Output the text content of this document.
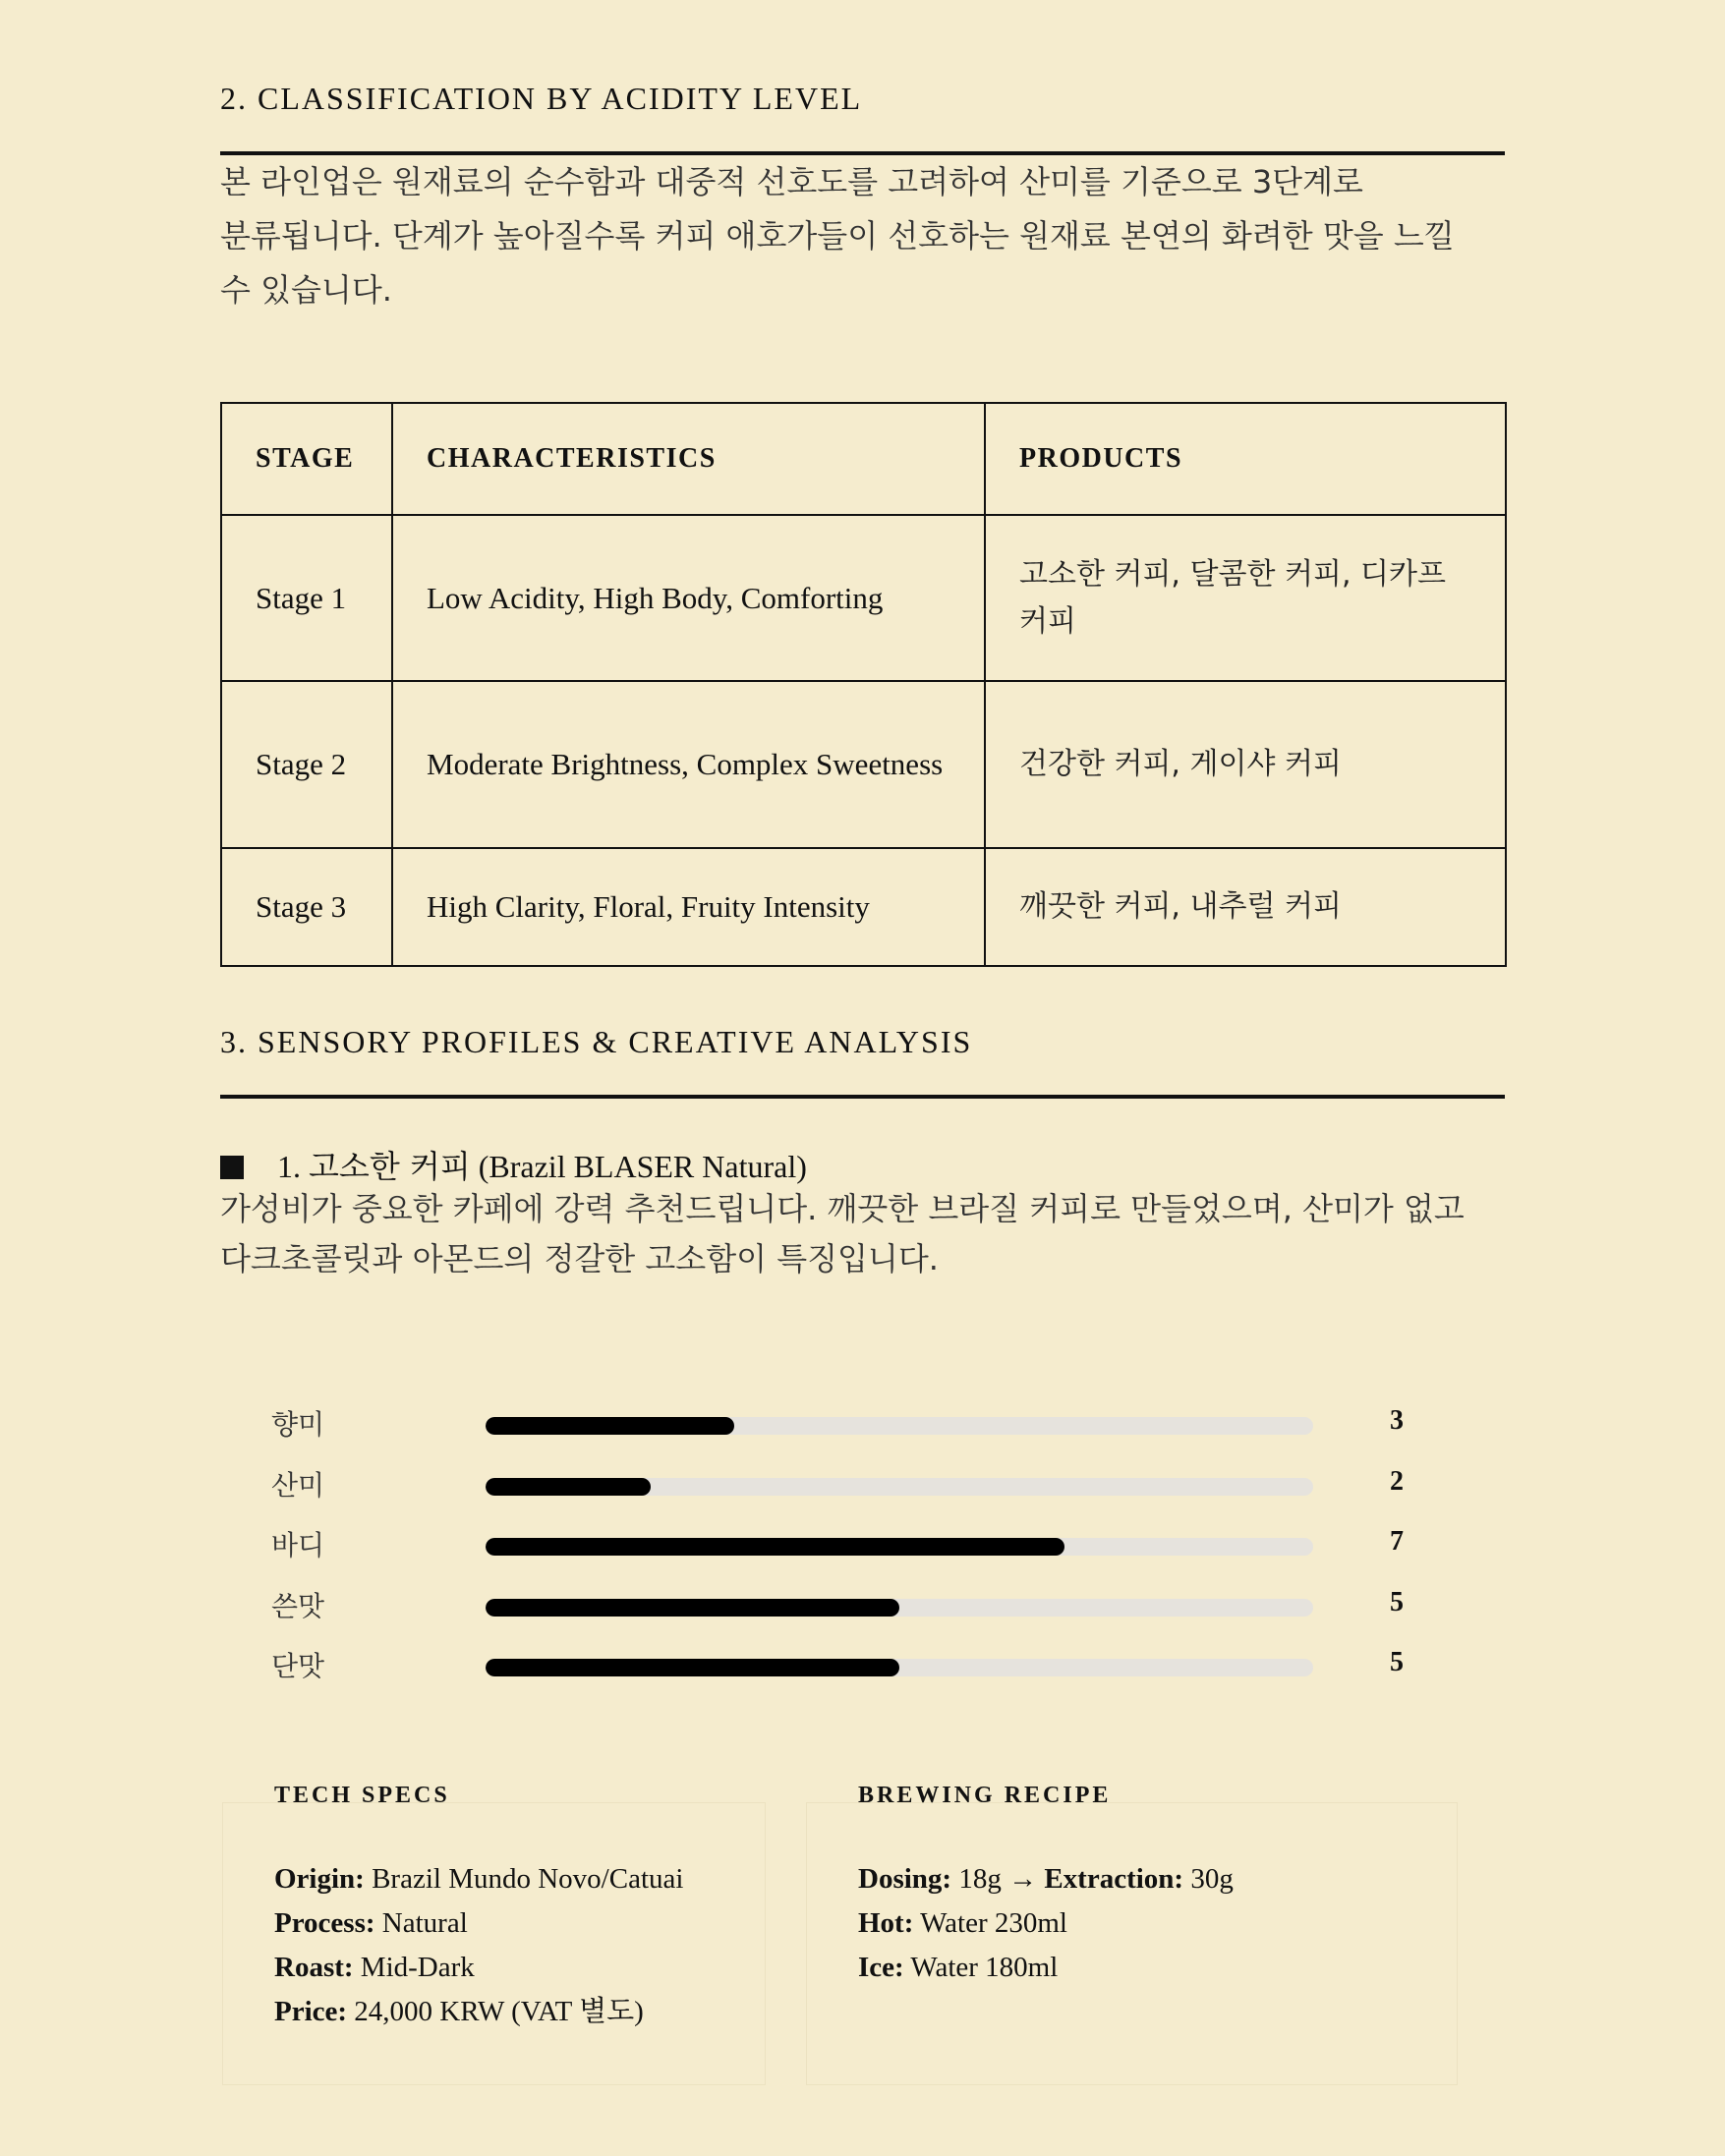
2. CLASSIFICATION BY ACIDITY LEVEL

본 라인업은 원재료의 순수함과 대중적 선호도를 고려하여 산미를 기준으로 3단계로
분류됩니다. 단계가 높아질수록 커피 애호가들이 선호하는 원재료 본연의 화려한 맛을 느낄
수 있습니다.

STAGE	CHARACTERISTICS	PRODUCTS
Stage 1	Low Acidity, High Body, Comforting	고소한 커피, 달콤한 커피, 디카프 커피
Stage 2	Moderate Brightness, Complex Sweetness	건강한 커피, 게이샤 커피
Stage 3	High Clarity, Floral, Fruity Intensity	깨끗한 커피, 내추럴 커피
3. SENSORY PROFILES & CREATIVE ANALYSIS

1. 고소한 커피 (Brazil BLASER Natural)

가성비가 중요한 카페에 강력 추천드립니다. 깨끗한 브라질 커피로 만들었으며, 산미가 없고
다크초콜릿과 아몬드의 정갈한 고소함이 특징입니다.

향미	3
산미	2
바디	7
쓴맛	5
단맛	5
TECH SPECS

Origin: Brazil Mundo Novo/Catuai
Process: Natural
Roast: Mid-Dark
Price: 24,000 KRW (VAT 별도)

BREWING RECIPE

Dosing: 18g → Extraction: 30g
Hot: Water 230ml
Ice: Water 180ml
